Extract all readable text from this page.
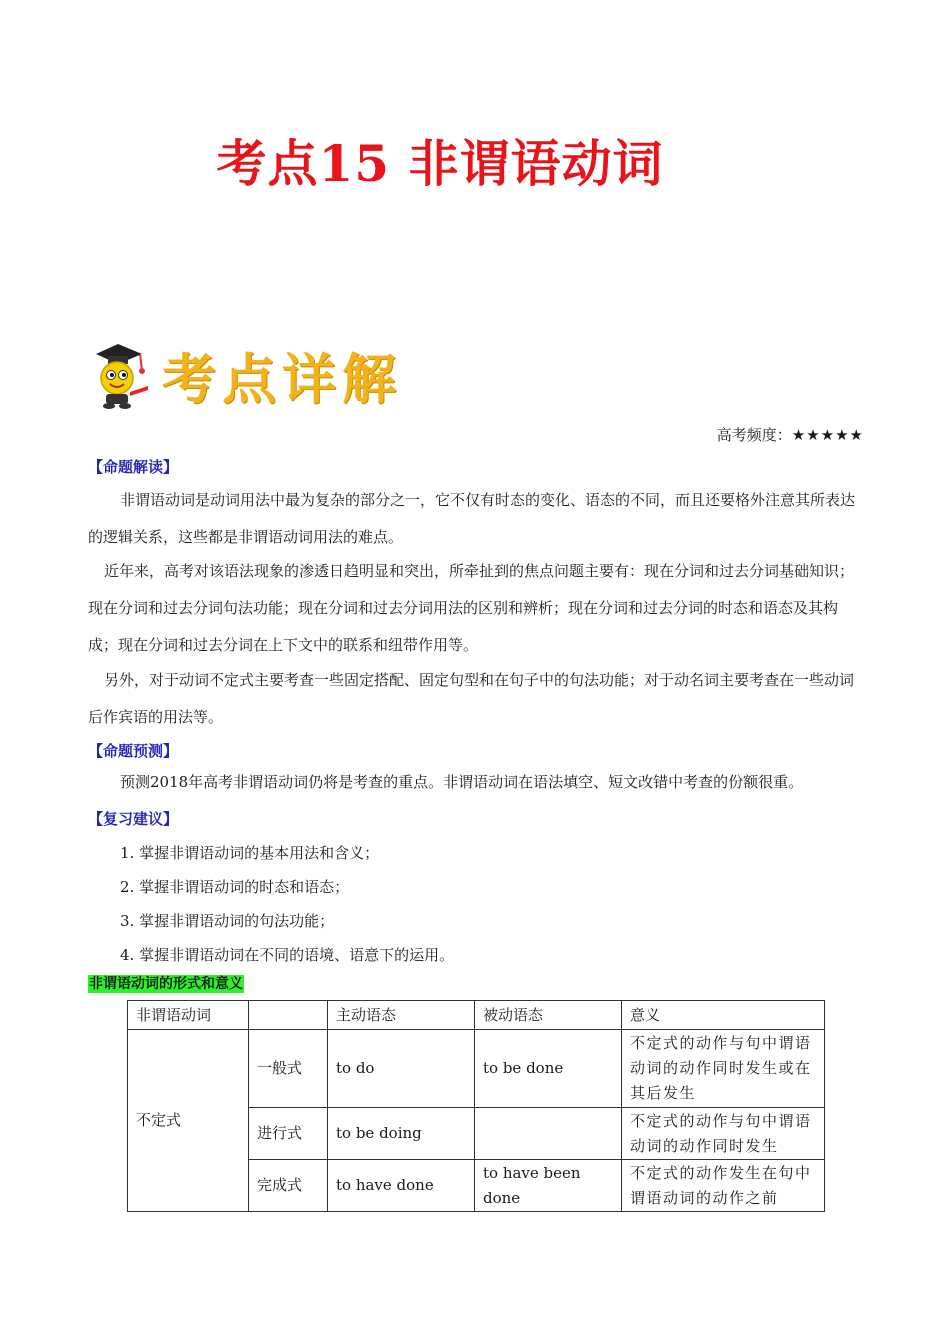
考点15 非谓语动词
考点详解
高考频度：★★★★★
【命题解读】
非谓语动词是动词用法中最为复杂的部分之一，它不仅有时态的变化、语态的不同，而且还要格外注意其所表达的逻辑关系，这些都是非谓语动词用法的难点。
近年来，高考对该语法现象的渗透日趋明显和突出，所牵扯到的焦点问题主要有：现在分词和过去分词基础知识；现在分词和过去分词句法功能；现在分词和过去分词用法的区别和辨析；现在分词和过去分词的时态和语态及其构成；现在分词和过去分词在上下文中的联系和纽带作用等。
另外，对于动词不定式主要考查一些固定搭配、固定句型和在句子中的句法功能；对于动名词主要考查在一些动词后作宾语的用法等。
【命题预测】
预测2018年高考非谓语动词仍将是考查的重点。非谓语动词在语法填空、短文改错中考查的份额很重。
【复习建议】
1. 掌握非谓语动词的基本用法和含义；
2. 掌握非谓语动词的时态和语态；
3. 掌握非谓语动词的句法功能；
4. 掌握非谓语动词在不同的语境、语意下的运用。
非谓语动词的形式和意义
非谓语动词		主动语态	被动语态	意义
不定式	一般式	to do	to be done	不定式的动作与句中谓语动词的动作同时发生或在其后发生
	进行式	to be doing		不定式的动作与句中谓语动词的动作同时发生
	完成式	to have done	to have been done	不定式的动作发生在句中谓语动词的动作之前
